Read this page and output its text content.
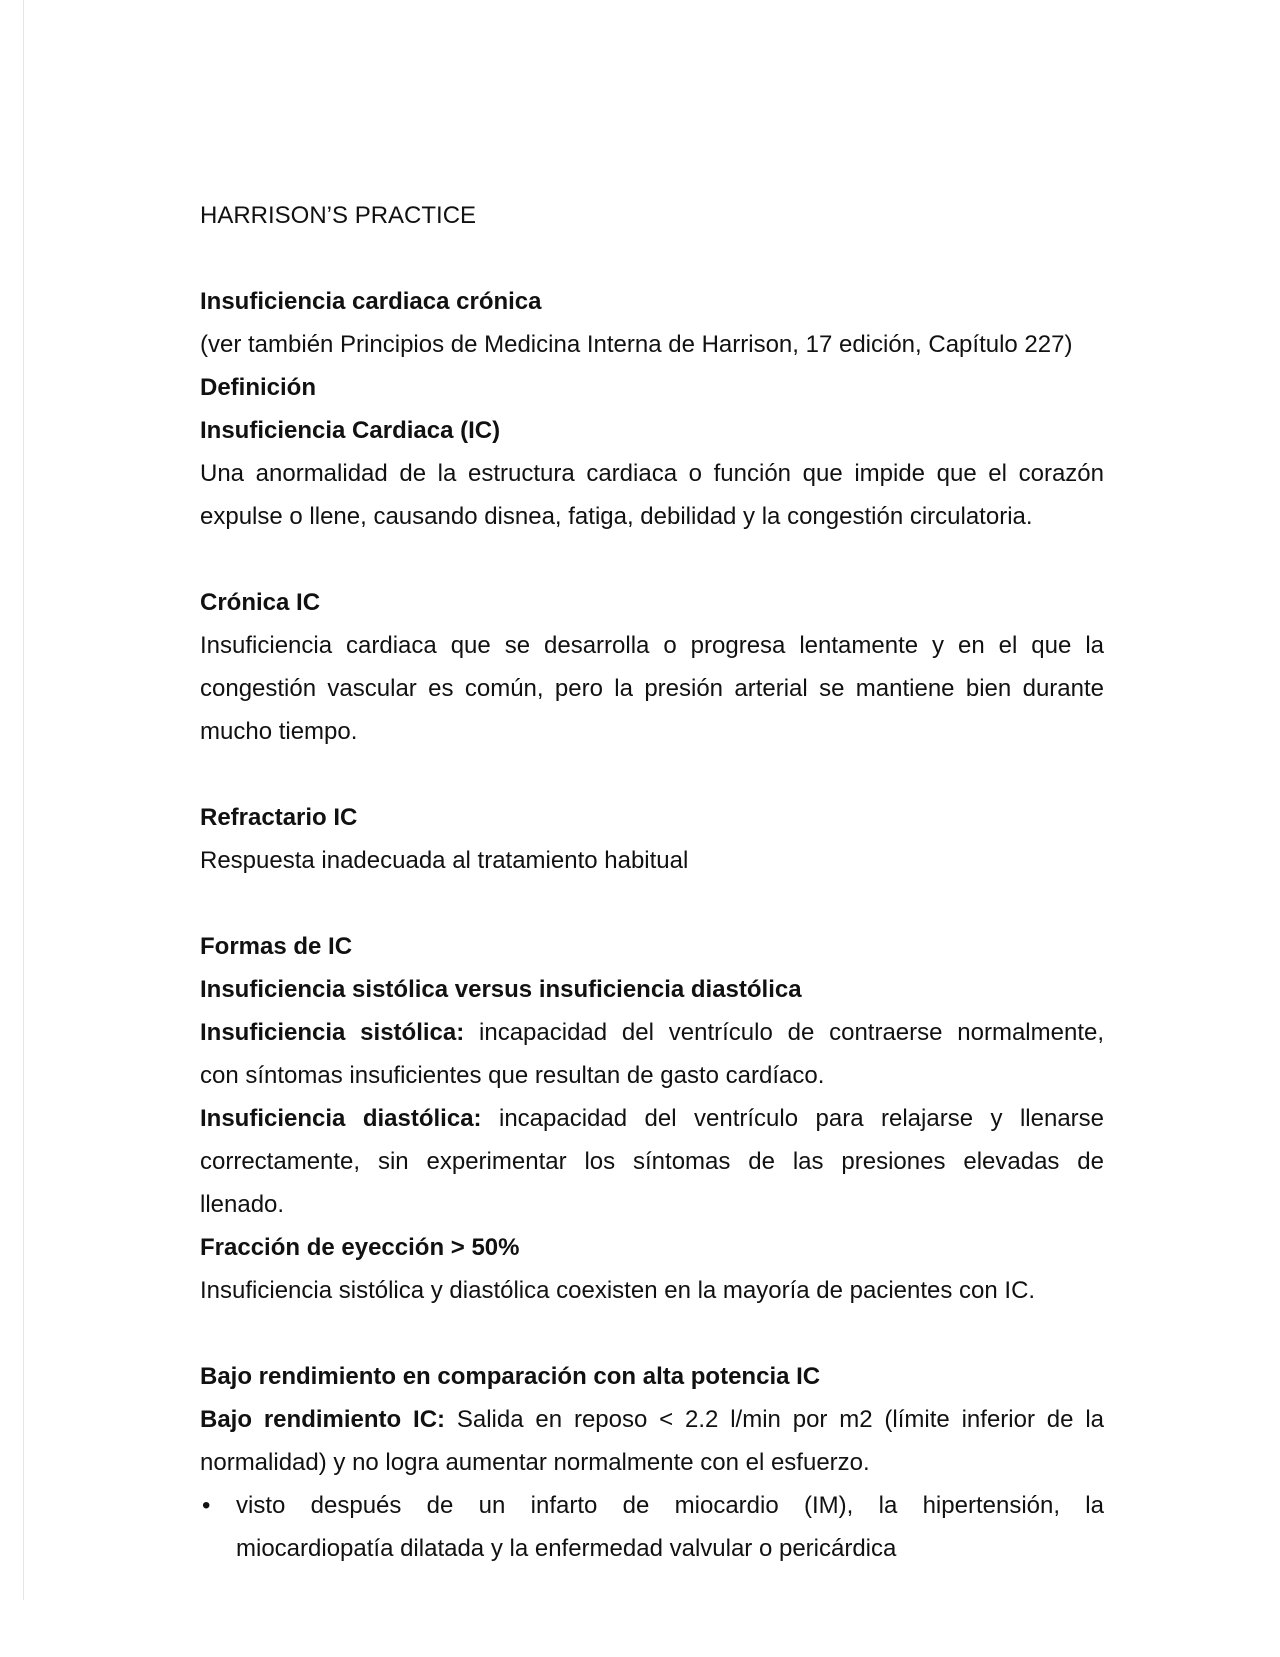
HARRISON’S PRACTICE

Insuficiencia cardiaca crónica

(ver también Principios de Medicina Interna de Harrison, 17 edición, Capítulo 227)

Definición

Insuficiencia Cardiaca (IC)

Una anormalidad de la estructura cardiaca o función que impide que el corazón

expulse o llene, causando disnea, fatiga, debilidad y la congestión circulatoria.

Crónica IC

Insuficiencia cardiaca que se desarrolla o progresa lentamente y en el que la

congestión vascular es común, pero la presión arterial se mantiene bien durante

mucho tiempo.

Refractario IC

Respuesta inadecuada al tratamiento habitual

Formas de IC

Insuficiencia sistólica versus insuficiencia diastólica

Insuficiencia sistólica: incapacidad del ventrículo de contraerse normalmente,

con síntomas insuficientes que resultan de gasto cardíaco.

Insuficiencia diastólica: incapacidad del ventrículo para relajarse y llenarse

correctamente, sin experimentar los síntomas de las presiones elevadas de

llenado.

Fracción de eyección > 50%

Insuficiencia sistólica y diastólica coexisten en la mayoría de pacientes con IC.

Bajo rendimiento en comparación con alta potencia IC

Bajo rendimiento IC: Salida en reposo < 2.2 l/min por m2 (límite inferior de la

normalidad) y no logra aumentar normalmente con el esfuerzo.

• visto después de un infarto de miocardio (IM), la hipertensión, la

miocardiopatía dilatada y la enfermedad valvular o pericárdica
